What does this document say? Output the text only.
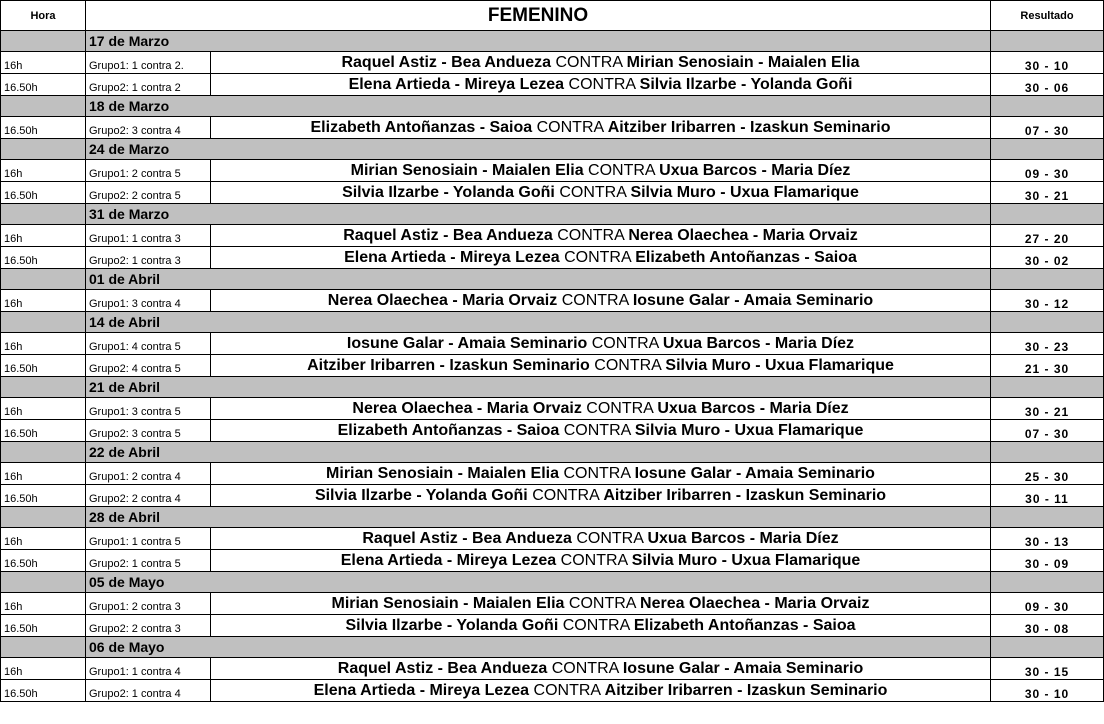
Hora	FEMENINO		Resultado
	17 de Marzo		
16h	Grupo1: 1 contra 2.	Raquel Astiz - Bea Andueza CONTRA Mirian Senosiain - Maialen Elia	30 - 10
16.50h	Grupo2: 1 contra 2	Elena Artieda - Mireya Lezea CONTRA Silvia Ilzarbe - Yolanda Goñi	30 - 06
	18 de Marzo		
16.50h	Grupo2: 3 contra 4	Elizabeth Antoñanzas - Saioa CONTRA Aitziber Iribarren - Izaskun Seminario	07 - 30
	24 de Marzo		
16h	Grupo1: 2 contra 5	Mirian Senosiain - Maialen Elia CONTRA Uxua Barcos - Maria Díez	09 - 30
16.50h	Grupo2: 2 contra 5	Silvia Ilzarbe - Yolanda Goñi CONTRA Silvia Muro - Uxua Flamarique	30 - 21
	31 de Marzo		
16h	Grupo1: 1 contra 3	Raquel Astiz - Bea Andueza CONTRA Nerea Olaechea - Maria Orvaiz	27 - 20
16.50h	Grupo2: 1 contra 3	Elena Artieda - Mireya Lezea CONTRA Elizabeth Antoñanzas - Saioa	30 - 02
	01 de Abril		
16h	Grupo1: 3 contra 4	Nerea Olaechea - Maria Orvaiz CONTRA Iosune Galar - Amaia Seminario	30 - 12
	14 de Abril		
16h	Grupo1: 4 contra 5	Iosune Galar - Amaia Seminario CONTRA Uxua Barcos - Maria Díez	30 - 23
16.50h	Grupo2: 4 contra 5	Aitziber Iribarren - Izaskun Seminario CONTRA Silvia Muro - Uxua Flamarique	21 - 30
	21 de Abril		
16h	Grupo1: 3 contra 5	Nerea Olaechea - Maria Orvaiz CONTRA Uxua Barcos - Maria Díez	30 - 21
16.50h	Grupo2: 3 contra 5	Elizabeth Antoñanzas - Saioa CONTRA Silvia Muro - Uxua Flamarique	07 - 30
	22 de Abril		
16h	Grupo1: 2 contra 4	Mirian Senosiain - Maialen Elia CONTRA Iosune Galar - Amaia Seminario	25 - 30
16.50h	Grupo2: 2 contra 4	Silvia Ilzarbe - Yolanda Goñi CONTRA Aitziber Iribarren - Izaskun Seminario	30 - 11
	28 de Abril		
16h	Grupo1: 1 contra 5	Raquel Astiz - Bea Andueza CONTRA Uxua Barcos - Maria Díez	30 - 13
16.50h	Grupo2: 1 contra 5	Elena Artieda - Mireya Lezea CONTRA Silvia Muro - Uxua Flamarique	30 - 09
	05 de Mayo		
16h	Grupo1: 2 contra 3	Mirian Senosiain - Maialen Elia CONTRA Nerea Olaechea - Maria Orvaiz	09 - 30
16.50h	Grupo2: 2 contra 3	Silvia Ilzarbe - Yolanda Goñi CONTRA Elizabeth Antoñanzas - Saioa	30 - 08
	06 de Mayo		
16h	Grupo1: 1 contra 4	Raquel Astiz - Bea Andueza CONTRA Iosune Galar - Amaia Seminario	30 - 15
16.50h	Grupo2: 1 contra 4	Elena Artieda - Mireya Lezea CONTRA Aitziber Iribarren - Izaskun Seminario	30 - 10
